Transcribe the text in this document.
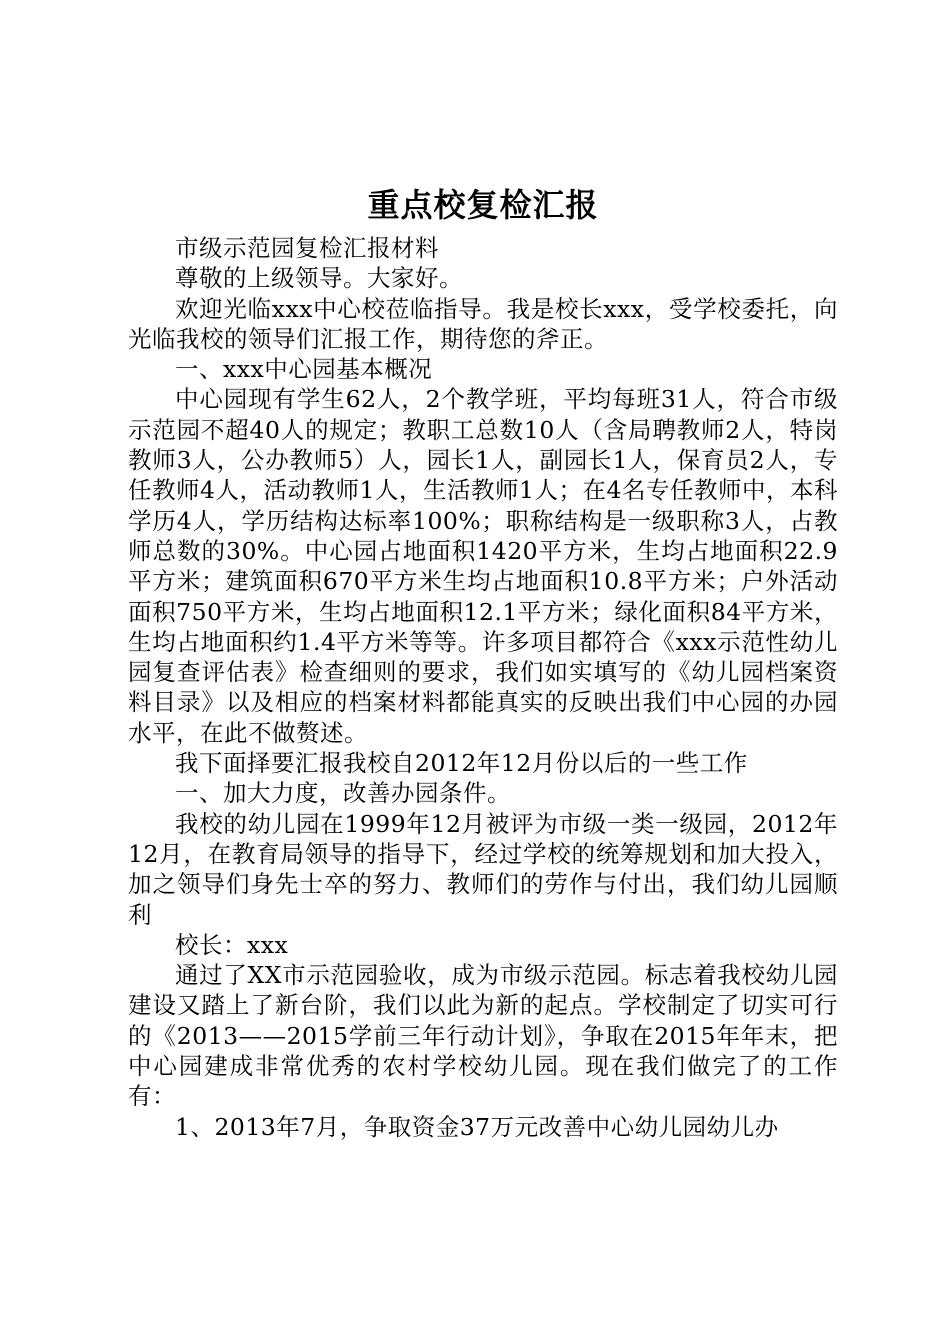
重点校复检汇报

市级示范园复检汇报材料

尊敬的上级领导。大家好。

欢迎光临xxx中心校莅临指导。我是校长xxx，受学校委托，向光临我校的领导们汇报工作，期待您的斧正。

一、xxx中心园基本概况

中心园现有学生62人，2个教学班，平均每班31人，符合市级示范园不超40人的规定；教职工总数10人（含局聘教师2人，特岗教师3人，公办教师5）人，园长1人，副园长1人，保育员2人，专任教师4人，活动教师1人，生活教师1人；在4名专任教师中，本科学历4人，学历结构达标率100%；职称结构是一级职称3人，占教师总数的30%。中心园占地面积1420平方米，生均占地面积22.9平方米；建筑面积670平方米生均占地面积10.8平方米；户外活动面积750平方米，生均占地面积12.1平方米；绿化面积84平方米，生均占地面积约1.4平方米等等。许多项目都符合《xxx示范性幼儿园复查评估表》检查细则的要求，我们如实填写的《幼儿园档案资料目录》以及相应的档案材料都能真实的反映出我们中心园的办园水平，在此不做赘述。

我下面择要汇报我校自2012年12月份以后的一些工作

一、加大力度，改善办园条件。

我校的幼儿园在1999年12月被评为市级一类一级园，2012年12月，在教育局领导的指导下，经过学校的统筹规划和加大投入，加之领导们身先士卒的努力、教师们的劳作与付出，我们幼儿园顺利

校长：xxx

通过了XX市示范园验收，成为市级示范园。标志着我校幼儿园建设又踏上了新台阶，我们以此为新的起点。学校制定了切实可行的《2013——2015学前三年行动计划》，争取在2015年年末，把中心园建成非常优秀的农村学校幼儿园。现在我们做完了的工作有：

1、2013年7月，争取资金37万元改善中心幼儿园幼儿办
